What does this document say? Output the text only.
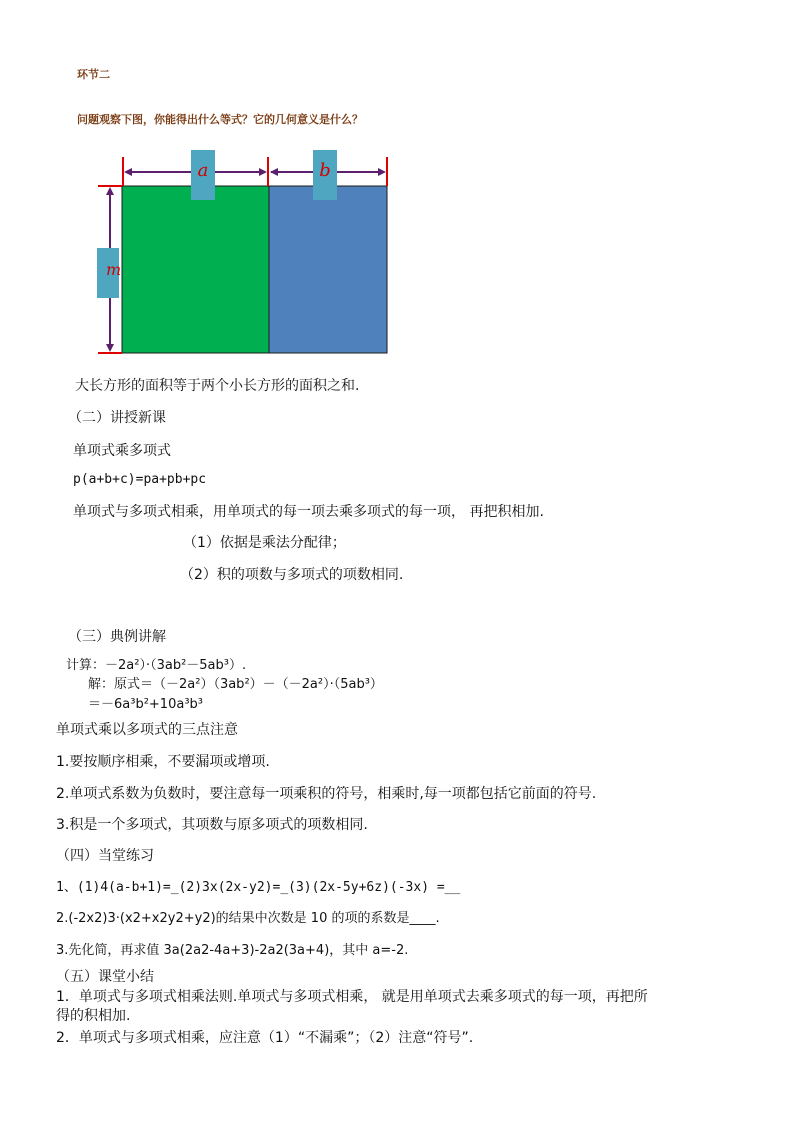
环节二
问题观察下图，你能得出什么等式？它的几何意义是什么？
a	b
m
大长方形的面积等于两个小长方形的面积之和.
（二）讲授新课
单项式乘多项式
p(a+b+c)=pa+pb+pc
单项式与多项式相乘，用单项式的每一项去乘多项式的每一项， 再把积相加.
（1）依据是乘法分配律；
（2）积的项数与多项式的项数相同.
（三）典例讲解
计算：－2a²）·（3ab²－5ab³）.
解：原式＝（－2a²）（3ab²）－（－2a²）·（5ab³）
＝－6a³b²+10a³b³
单项式乘以多项式的三点注意
1.要按顺序相乘，不要漏项或增项.
2.单项式系数为负数时，要注意每一项乘积的符号，相乘时,每一项都包括它前面的符号.
3.积是一个多项式，其项数与原多项式的项数相同.
（四）当堂练习
1、(1)4(a-b+1)=_(2)3x(2x-y2)=_(3)(2x-5y+6z)(-3x) =__
2.(-2x2)3·(x2+x2y2+y2)的结果中次数是 10 的项的系数是____.
3.先化简，再求值 3a(2a2-4a+3)-2a2(3a+4)，其中 a=-2.
（五）课堂小结
1．单项式与多项式相乘法则.单项式与多项式相乘， 就是用单项式去乘多项式的每一项，再把所
得的积相加.
2．单项式与多项式相乘，应注意（1）“不漏乘”；（2）注意“符号”.
